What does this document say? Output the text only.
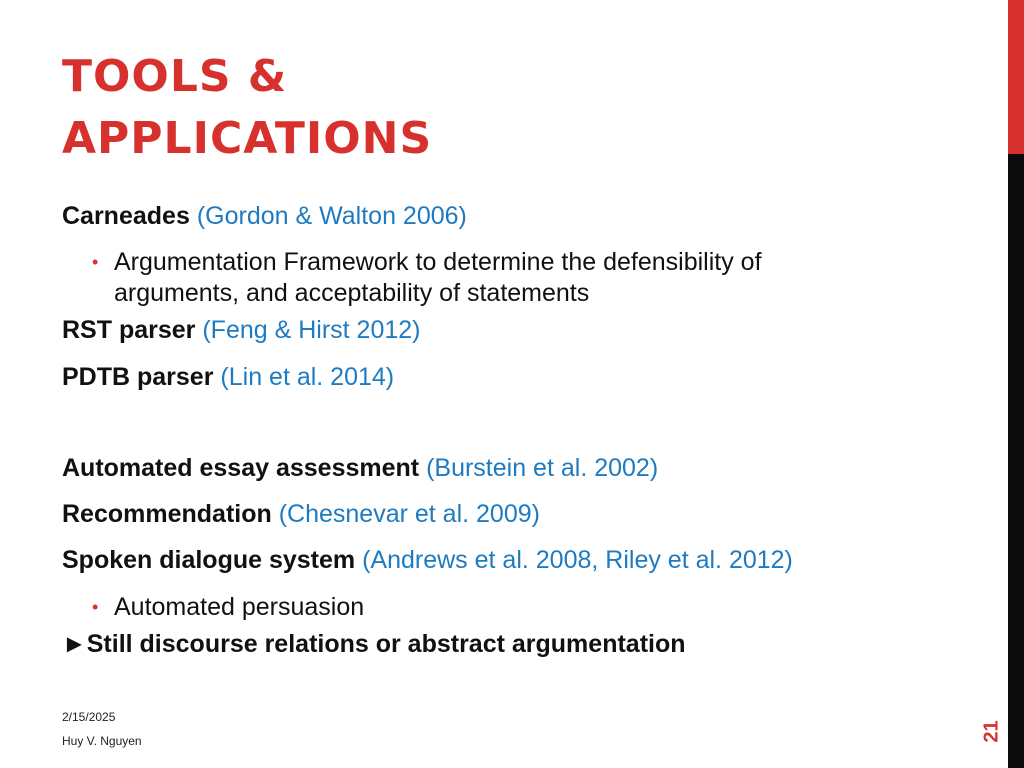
TOOLS &
APPLICATIONS
Carneades (Gordon & Walton 2006)
• Argumentation Framework to determine the defensibility of
arguments, and acceptability of statements
RST parser (Feng & Hirst 2012)
PDTB parser (Lin et al. 2014)
Automated essay assessment (Burstein et al. 2002)
Recommendation (Chesnevar et al. 2009)
Spoken dialogue system (Andrews et al. 2008, Riley et al. 2012)
• Automated persuasion
►Still discourse relations or abstract argumentation
2/15/2025
Huy V. Nguyen	21
